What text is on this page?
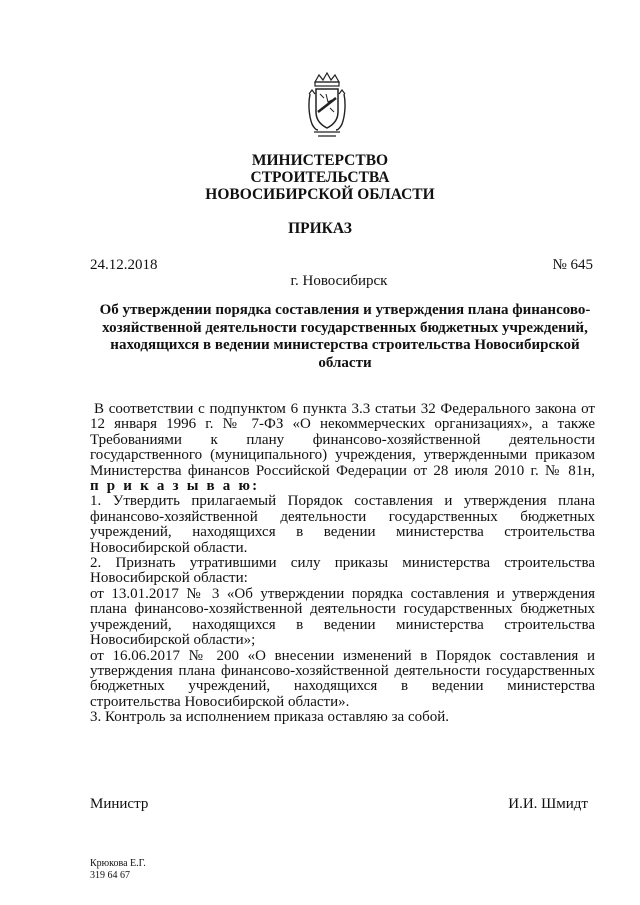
МИНИСТЕРСТВО
СТРОИТЕЛЬСТВА
НОВОСИБИРСКОЙ ОБЛАСТИ
ПРИКАЗ
24.12.2018	№ 645
г. Новосибирск
Об утверждении порядка составления и утверждения плана финансово-
хозяйственной деятельности государственных бюджетных учреждений,
находящихся в ведении министерства строительства Новосибирской
области

В соответствии с подпунктом 6 пункта 3.3 статьи 32 Федерального закона от

12 января 1996 г. № 7-ФЗ «О некоммерческих организациях», а также

Требованиями к плану финансово-хозяйственной деятельности

государственного (муниципального) учреждения, утвержденными приказом

Министерства финансов Российской Федерации от 28 июля 2010 г. № 81н,

п р и к а з ы в а ю:

1. Утвердить прилагаемый Порядок составления и утверждения плана

финансово-хозяйственной деятельности государственных бюджетных

учреждений, находящихся в ведении министерства строительства

Новосибирской области.

2. Признать утратившими силу приказы министерства строительства

Новосибирской области:

от 13.01.2017 № 3 «Об утверждении порядка составления и утверждения

плана финансово-хозяйственной деятельности государственных бюджетных

учреждений, находящихся в ведении министерства строительства

Новосибирской области»;

от 16.06.2017 № 200 «О внесении изменений в Порядок составления и

утверждения плана финансово-хозяйственной деятельности государственных

бюджетных учреждений, находящихся в ведении министерства

строительства Новосибирской области».

3. Контроль за исполнением приказа оставляю за собой.

Министр	И.И. Шмидт
Крюкова Е.Г.
319 64 67
